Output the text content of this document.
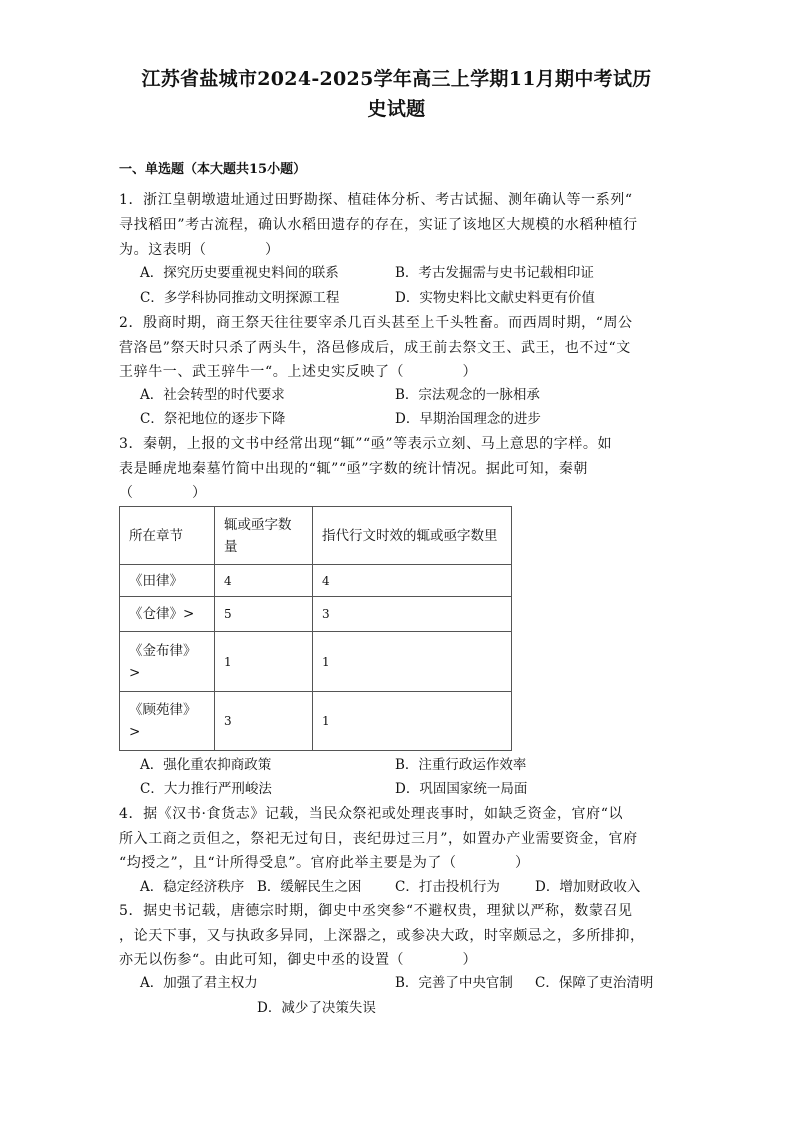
江苏省盐城市2024-2025学年高三上学期11月期中考试历
史试题
一、单选题（本大题共15小题）
1．浙江皇朝墩遗址通过田野勘探、植硅体分析、考古试掘、测年确认等一系列“
寻找稻田”考古流程，确认水稻田遗存的存在，实证了该地区大规模的水稻种植行
为。这表明（　　　　）
A．探究历史要重视史料间的联系	B．考古发掘需与史书记载相印证
C．多学科协同推动文明探源工程	D．实物史料比文献史料更有价值
2．殷商时期，商王祭天往往要宰杀几百头甚至上千头牲畜。而西周时期，“周公
营洛邑”祭天时只杀了两头牛，洛邑修成后，成王前去祭文王、武王，也不过“文
王骍牛一、武王骍牛一“。上述史实反映了（　　　　）
A．社会转型的时代要求	B．宗法观念的一脉相承
C．祭祀地位的逐步下降	D．早期治国理念的进步
3．秦朝，上报的文书中经常出现“辄”“亟”等表示立刻、马上意思的字样。如
表是睡虎地秦墓竹简中出现的“辄”“亟”字数的统计情况。据此可知，秦朝
（　　　　）
所在章节	辄或亟字数量	指代行文时效的辄或亟字数里
《田律》	4	4
《仓律》>	5	3
《金布律》>	1	1
《顾苑律》>	3	1
A．强化重农抑商政策	B．注重行政运作效率
C．大力推行严刑峻法	D．巩固国家统一局面
4．据《汉书·食货志》记载，当民众祭祀或处理丧事时，如缺乏资金，官府“以
所入工商之贡但之，祭祀无过旬日，丧纪毋过三月”，如置办产业需要资金，官府
“均授之”，且“计所得受息”。官府此举主要是为了（　　　　）
A．稳定经济秩序 B．缓解民生之困 C．打击投机行为	D．增加财政收入
5．据史书记载，唐德宗时期，御史中丞突参“不避权贵，理狱以严称，数蒙召见
，论天下事，又与执政多异同，上深器之，或参决大政，时宰颇忌之，多所排抑，
亦无以伤参“。由此可知，御史中丞的设置（　　　　）
A．加强了君主权力	B．完善了中央官制 C．保障了吏治清明
D．减少了决策失误
